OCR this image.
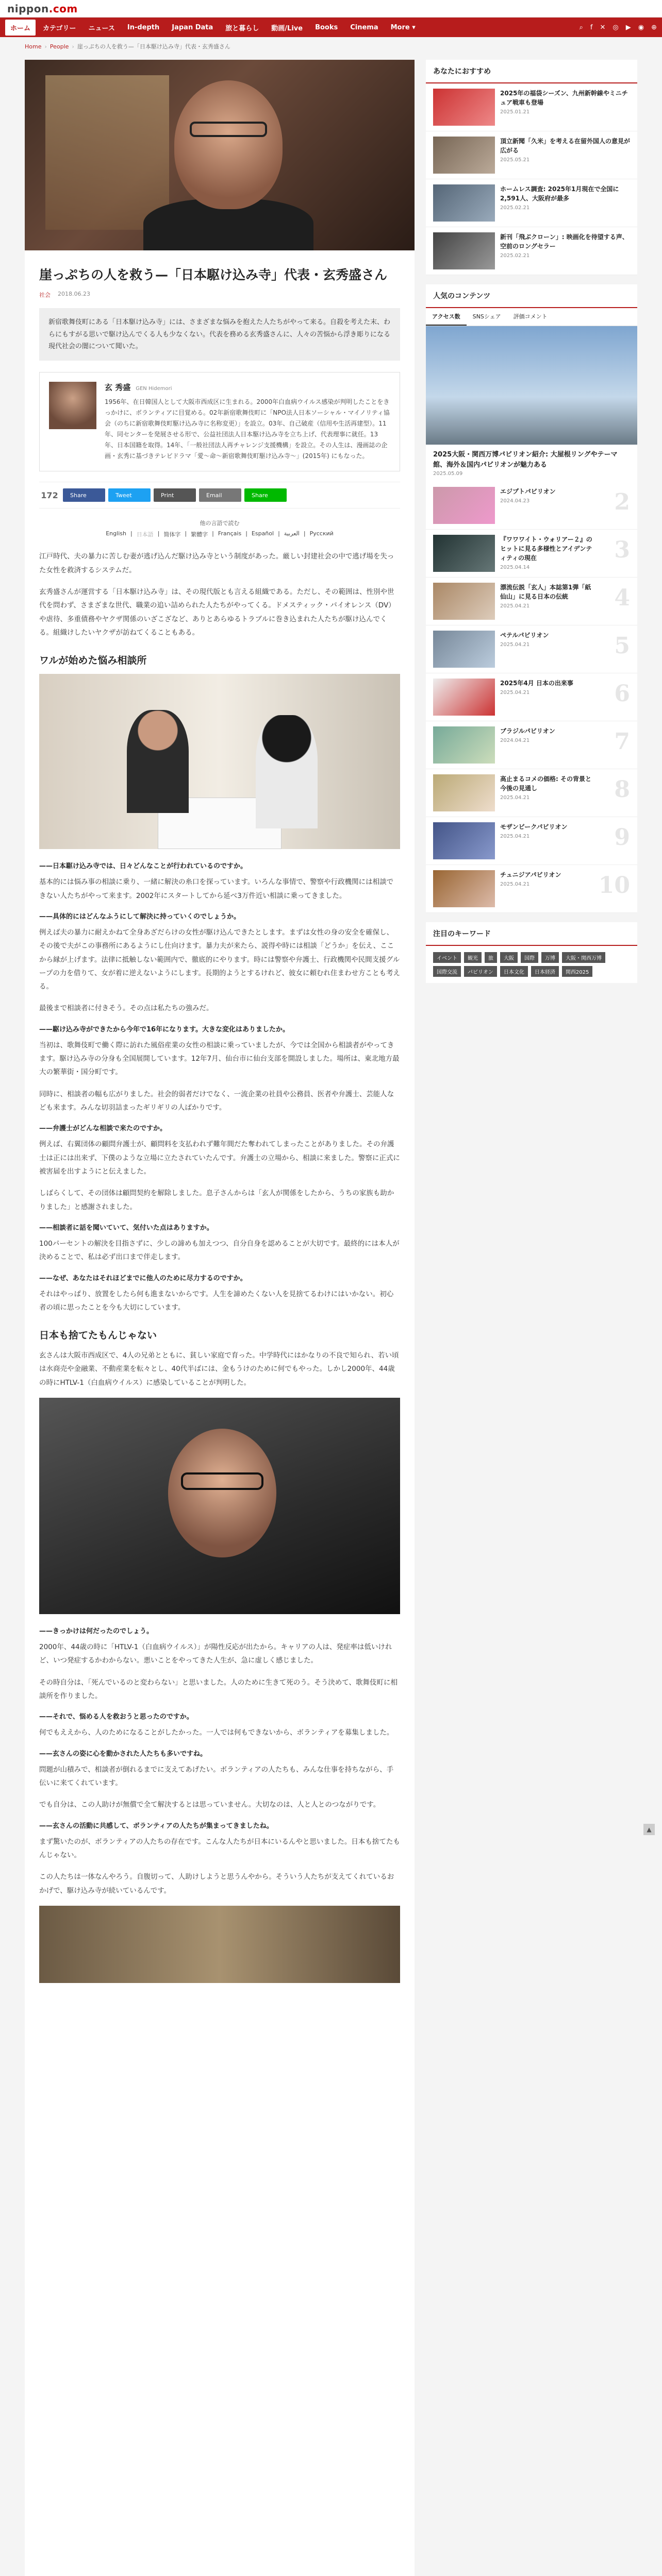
nippon.com
ホーム	カテゴリー	ニュース	In-depth	Japan Data	旅と暮らし	動画/Live	Books	Cinema	More ▾	⌕ f ✕ ◎ ▶ ◉ ⊕
Home › People › 崖っぷちの人を救う—「日本駆け込み寺」代表・玄秀盛さん
崖っぷちの人を救う—「日本駆け込み寺」代表・玄秀盛さん
社会 2018.06.23
新宿歌舞伎町にある「日本駆け込み寺」には、さまざまな悩みを抱えた人たちがやって来る。自殺を考えた末、わらにもすがる思いで駆け込んでくる人も少なくない。代表を務める玄秀盛さんに、人々の苦悩から浮き彫りになる現代社会の闇について聞いた。
玄 秀盛 GEN Hidemori
1956年、在日韓国人として大阪市西成区に生まれる。2000年白血病ウイルス感染が判明したことをきっかけに、ボランティアに目覚める。02年新宿歌舞伎町に「NPO法人日本ソーシャル・マイノリティ協会（のちに新宿歌舞伎町駆け込み寺に名称変更）」を設立。03年、自己破産（信用や生活再建型）。11年、同センターを発展させる形で、公益社団法人日本駆け込み寺を立ち上げ、代表理事に就任。13年、日本国籍を取得。14年、「一般社団法人再チャレンジ支援機構」を設立。その人生は、漫画誌の企画・玄秀に基づきテレビドラマ「愛～命～新宿歌舞伎町駆け込み寺～」(2015年) にもなった。
172 Share	Tweet	Print	Email	Share
他の言語で読む
English | 日本語 | 简体字 | 繁體字 | Français | Español | العربية | Русский

江戸時代、夫の暴力に苦しむ妻が逃げ込んだ駆け込み寺という制度があった。厳しい封建社会の中で逃げ場を失った女性を救済するシステムだ。

玄秀盛さんが運営する「日本駆け込み寺」は、その現代版とも言える組織である。ただし、その範囲は、性別や世代を問わず、さまざまな世代、職業の追い詰められた人たちがやってくる。ドメスティック・バイオレンス（DV）や虐待、多重債務やヤクザ関係のいざこざなど、ありとあらゆるトラブルに巻き込まれた人たちが駆け込んでくる。組織けしたいヤクザが訪ねてくることもある。

ワルが始めた悩み相談所
——日本駆け込み寺では、日々どんなことが行われているのですか。

基本的には悩み事の相談に乗り、一緒に解決の糸口を探っています。いろんな事情で、警察や行政機関には相談できない人たちがやって来ます。2002年にスタートしてから延べ3万件近い相談に乗ってきました。

——具体的にはどんなふうにして解決に持っていくのでしょうか。

例えば夫の暴力に耐えかねて全身あざだらけの女性が駆け込んできたとします。まずは女性の身の安全を確保し、その後で夫がこの事務所にあるようにし仕向けます。暴力夫が来たら、説得や時には相談「どうか」を伝え、ここから縁が上げます。法律に抵触しない範囲内で、徹底的にやります。時には警察や弁護士、行政機関や民間支援グループの力を借りて、女が着に逆えないようにします。長期的ようとするけれど、彼女に頼むれ住まわせ方ことも考える。

最後まで相談者に付きそう。その点は私たちの強みだ。

——駆け込み寺ができたから今年で16年になります。大きな変化はありましたか。

当初は、歌舞伎町で働く際に訪れた風俗産業の女性の相談に乗っていましたが、今では全国から相談者がやってきます。駆け込み寺の分身も全国展開しています。12年7月、仙台市に仙台支部を開設しました。場所は、東北地方最大の繁華街・国分町です。

同時に、相談者の幅も広がりました。社会的弱者だけでなく、一流企業の社員や公務員、医者や弁護士、芸能人なども来ます。みんな切羽詰まったギリギリの人ばかりです。

——弁護士がどんな相談で来たのですか。

例えば、右翼団体の顧問弁護士が、顧問料を支払われず難年間だた奪われてしまったことがありました。その弁護士は正には出来ず、下僕のような立場に立たされていたんです。弁護士の立場から、相談に来ました。警察に正式に被害届を出すようにと伝えました。

しばらくして、その団体は顧問契約を解除しました。息子さんからは「玄人が関係をしたから、うちの家族も助かりました」と感謝されました。

——相談者に話を聞いていて、気付いた点はありますか。

100パーセントの解決を目指さずに、少しの諦めも加えつつ、自分自身を認めることが大切です。最終的には本人が決めることで、私は必ず出口まで伴走します。

——なぜ、あなたはそれほどまでに他人のために尽力するのですか。

それはやっぱり、放置をしたら何も進まないからです。人生を諦めたくない人を見捨てるわけにはいかない。初心者の頃に思ったことを今も大切にしています。

日本も捨てたもんじゃない

玄さんは大阪市西成区で、4人の兄弟とともに、貧しい家庭で育った。中学時代にはかなりの不良で知られ、若い頃は水商売や金融業、不動産業を転々とし、40代半ばには、金もうけのために何でもやった。しかし2000年、44歳の時にHTLV-1（白血病ウイルス）に感染していることが判明した。

——きっかけは何だったのでしょう。

2000年、44歳の時に「HTLV-1（白血病ウイルス）」が陽性反応が出たから。キャリアの人は、発症率は低いけれど、いつ発症するかわからない。悪いことをやってきた人生が、急に虚しく感じました。

その時自分は、「死んでいるのと変わらない」と思いました。人のために生きて死のう。そう決めて、歌舞伎町に相談所を作りました。

——それで、悩める人を救おうと思ったのですか。

何でもええから、人のためになることがしたかった。一人では何もできないから、ボランティアを募集しました。

——玄さんの姿に心を動かされた人たちも多いですね。

問題が山積みで、相談者が倒れるまでに支えてあげたい。ボランティアの人たちも、みんな仕事を持ちながら、手伝いに来てくれています。

でも自分は、この人助けが無償で全て解決するとは思っていません。大切なのは、人と人とのつながりです。

——玄さんの活動に共感して、ボランティアの人たちが集まってきましたね。

まず驚いたのが、ボランティアの人たちの存在です。こんな人たちが日本にいるんやと思いました。日本も捨てたもんじゃない。

この人たちは一体なんやろう。自腹切って、人助けしようと思うんやから。そういう人たちが支えてくれているおかげで、駆け込み寺が続いているんです。

あなたにおすすめ
2025年の福袋シーズン、九州新幹線やミニチュア戦車も登場
2025.01.21
頂立新聞「久米」を考える在留外国人の意見が広がる
2025.05.21
ホームレス調査: 2025年1月現在で全国に2,591人、大阪府が最多
2025.02.21
新刊「飛ぶクローン」: 映画化を待望する声、空前のロングセラー
2025.02.21
人気のコンテンツ
アクセス数	SNSシェア	評価コメント
2025大阪・関西万博パビリオン紹介: 大屋根リングやテーマ館、海外＆国内パビリオンが魅力ある
2025.05.09
エジプトパビリオン
2024.04.23	2
『ワワワイト・ウォリアー２』のヒットに見る多様性とアイデンティティの現在
2025.04.14
3
漂流伝説「玄人」本誌第1弾「紙仙山」に見る日本の伝統
2025.04.21	4
ペテルパビリオン
2025.04.21	5
2025年4月 日本の出来事
2025.04.21	6
ブラジルパビリオン
2024.04.21	7
高止まるコメの価格: その背景と今後の見通し
2025.04.21	8
モザンビークパビリオン
2025.04.21	9
チュニジアパビリオン
2025.04.21	10
注目のキーワード
イベント	観光	旅	大阪	国際	万博	大阪・関西万博
国際交流	パビリオン	日本文化	日本経済	関西2025
▲
